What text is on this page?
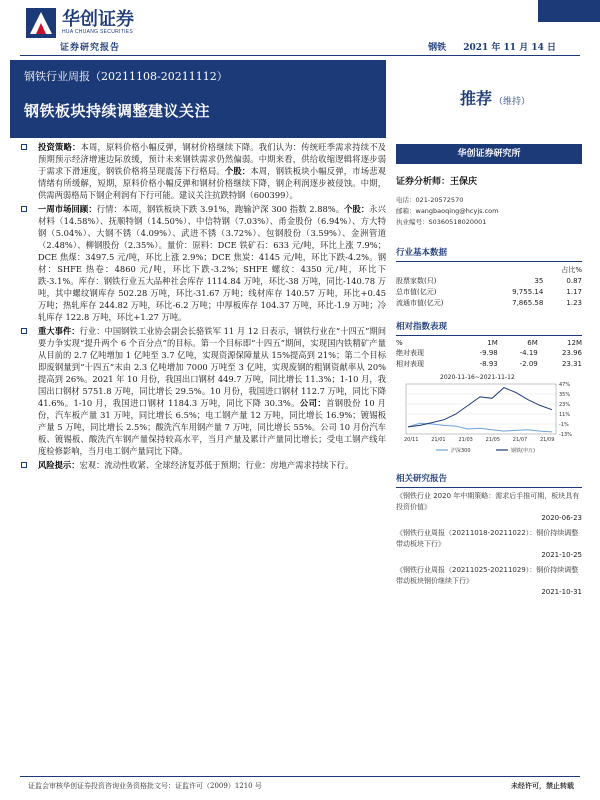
华创证券
HUA CHUANG SECURITIES
证券研究报告	钢铁 2021 年 11 月 14 日
钢铁行业周报（20211108-20211112）
钢铁板块持续调整建议关注
推荐 （维持）
投资策略：本周，原料价格小幅反弹，钢材价格继续下降。我们认为：传统旺季需求持续不及预期预示经济增速边际放缓，预计未来钢铁需求仍然偏弱。中期来看，供给收缩逻辑将逐步弱于需求下滑速度，钢铁价格将呈现震荡下行格局。个股：本周，钢铁板块小幅反弹，市场悲观情绪有所缓解，短期，原料价格小幅反弹和钢材价格继续下降，钢企利润逐步被侵蚀。中期，供需两弱格局下钢企利润有下行可能。建议关注抗跌特钢（600399）。
一周市场回顾：行情：本周，钢铁板块下跌 3.91%，跑输沪深 300 指数 2.88%。个股：永兴材料（14.58%）、抚顺特钢（14.50%）、中信特钢（7.03%）、甬金股份（6.94%）、方大特钢（5.04%）、大钢不锈（4.09%）、武进不锈（3.72%）、包钢股份（3.59%）、金洲管道（2.48%）、柳钢股份（2.35%）。量价：原料：DCE 铁矿石：633 元/吨，环比上涨 7.9%；DCE 焦煤：3497.5 元/吨，环比上涨 2.9%；DCE 焦炭：4145 元/吨，环比下跌-4.2%。钢材：SHFE 热卷：4860 元/吨，环比下跌-3.2%；SHFE 螺纹：4350 元/吨，环比下跌-3.1%。库存：钢铁行业五大品种社会库存 1114.84 万吨，环比-38 万吨，同比-140.78 万吨，其中螺纹钢库存 502.28 万吨，环比-31.67 万吨；线材库存 140.57 万吨，环比+0.45 万吨；热轧库存 244.82 万吨，环比-6.2 万吨；中厚板库存 104.37 万吨，环比-1.9 万吨；冷轧库存 122.8 万吨，环比+1.27 万吨。
重大事件：行业：中国钢铁工业协会副会长骆铁军 11 月 12 日表示，钢铁行业在“十四五”期间要力争实现“提升两个 6 个百分点”的目标。第一个目标即“十四五”期间，实现国内铁精矿产量从目前的 2.7 亿吨增加 1 亿吨至 3.7 亿吨，实现资源保障量从 15%提高到 21%；第二个目标即废钢量到“十四五”末由 2.3 亿吨增加 7000 万吨至 3 亿吨，实现废钢的粗钢资献率从 20%提高到 26%。2021 年 10 月份，我国出口钢材 449.7 万吨，同比增长 11.3%；1-10 月，我国出口钢材 5751.8 万吨，同比增长 29.5%。10 月份，我国进口钢材 112.7 万吨，同比下降 41.6%。1-10 月，我国进口钢材 1184.3 万吨，同比下降 30.3%。公司：首钢股份 10 月份，汽车板产量 31 万吨，同比增长 6.5%；电工钢产量 12 万吨，同比增长 16.9%；镀锡板产量 5 万吨，同比增长 2.5%；酸洗汽车用钢产量 7 万吨，同比增长 55%。公司 10 月份汽车板、镀锡板、酸洗汽车钢产量保持较高水平，当月产量及累计产量同比增长；受电工钢产线年度检修影响，当月电工钢产量同比下降。
风险提示：宏观：流动性收紧、全球经济复苏低于预期；行业：房地产需求持续下行。
华创证券研究所
证券分析师：王保庆
电话：021-20572570
邮箱：wangbaoqing@hcyjs.com
执业编号：S0360518020001
行业基本数据
		占比%
股票家数(只)	35	0.87
总市值(亿元)	9,755.14	1.17
流通市值(亿元)	7,865.58	1.23
相对指数表现
%	1M	6M	12M
绝对表现	-9.98	-4.19	23.96
相对表现	-8.93	-2.09	23.31
2020-11-16~2021-11-12
47%
35%
23%
11%
-1%
-13%
20/11	21/01	21/03	21/05	21/07	21/09
沪深300	钢铁(申万)
相关研究报告
《钢铁行业 2020 年中期策略：需求后手推可期，板块具有投资价值》
2020-06-23
《钢铁行业周报（20211018-20211022）：钢价持续调整带动板块下行》
2021-10-25
《钢铁行业周报（20211025-20211029）：钢价持续调整带动板块钢价继续下行》
2021-10-31
证监会审核华创证券投资咨询业务资格批文号：证监许可（2009）1210 号	未经许可，禁止转载
